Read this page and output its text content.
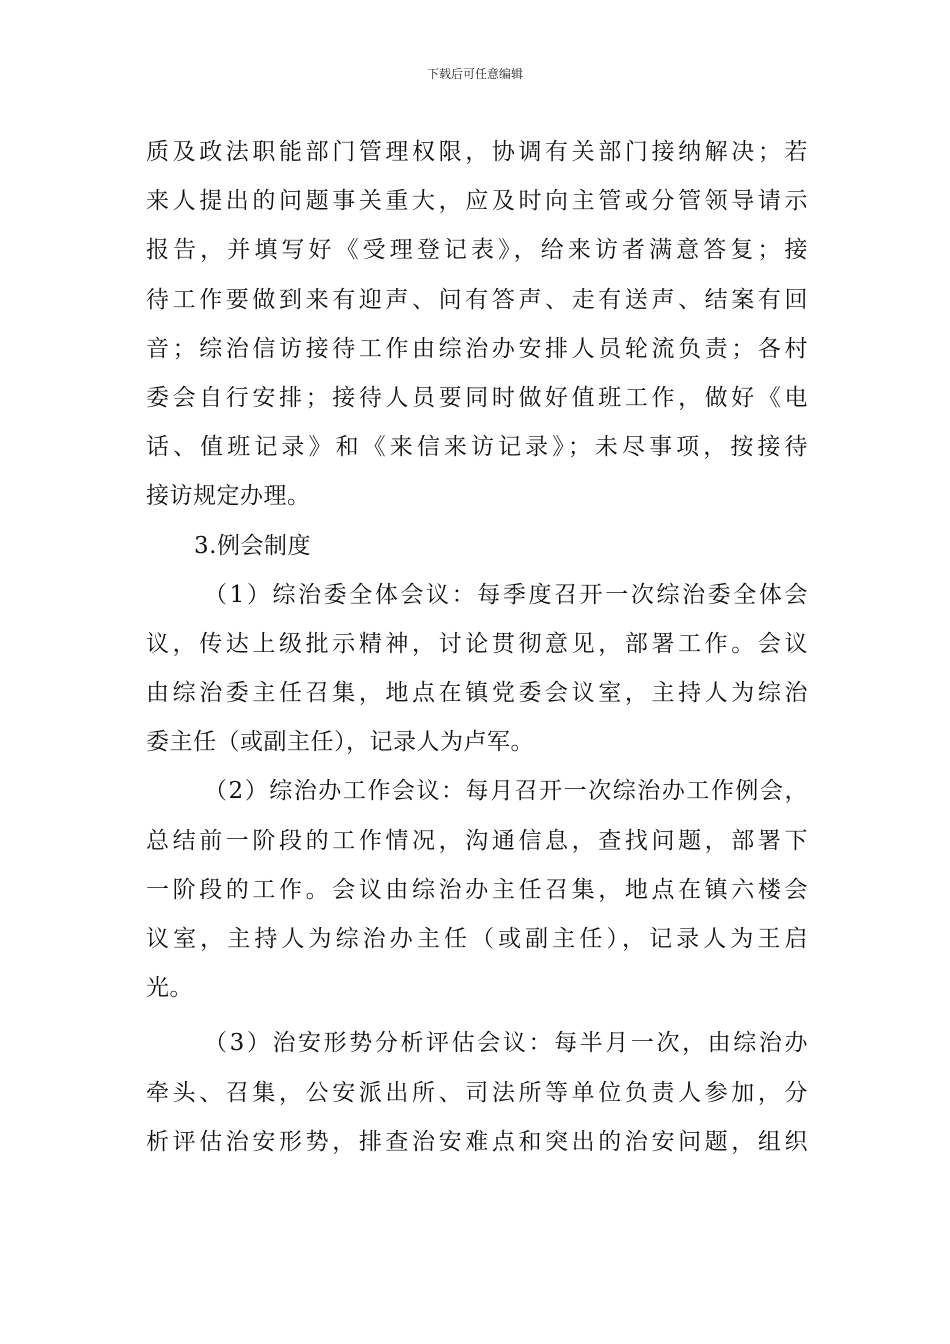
下载后可任意编辑
质及政法职能部门管理权限，协调有关部门接纳解决；若
来人提出的问题事关重大，应及时向主管或分管领导请示
报告，并填写好《受理登记表》，给来访者满意答复；接
待工作要做到来有迎声、问有答声、走有送声、结案有回
音；综治信访接待工作由综治办安排人员轮流负责；各村
委会自行安排；接待人员要同时做好值班工作，做好《电
话、值班记录》和《来信来访记录》；未尽事项，按接待
接访规定办理。
3.例会制度
（1）综治委全体会议：每季度召开一次综治委全体会
议，传达上级批示精神，讨论贯彻意见，部署工作。会议
由综治委主任召集，地点在镇党委会议室，主持人为综治
委主任（或副主任），记录人为卢军。
（2）综治办工作会议：每月召开一次综治办工作例会，
总结前一阶段的工作情况，沟通信息，查找问题，部署下
一阶段的工作。会议由综治办主任召集，地点在镇六楼会
议室，主持人为综治办主任（或副主任），记录人为王启
光。
（3）治安形势分析评估会议：每半月一次，由综治办
牵头、召集，公安派出所、司法所等单位负责人参加，分
析评估治安形势，排查治安难点和突出的治安问题，组织
